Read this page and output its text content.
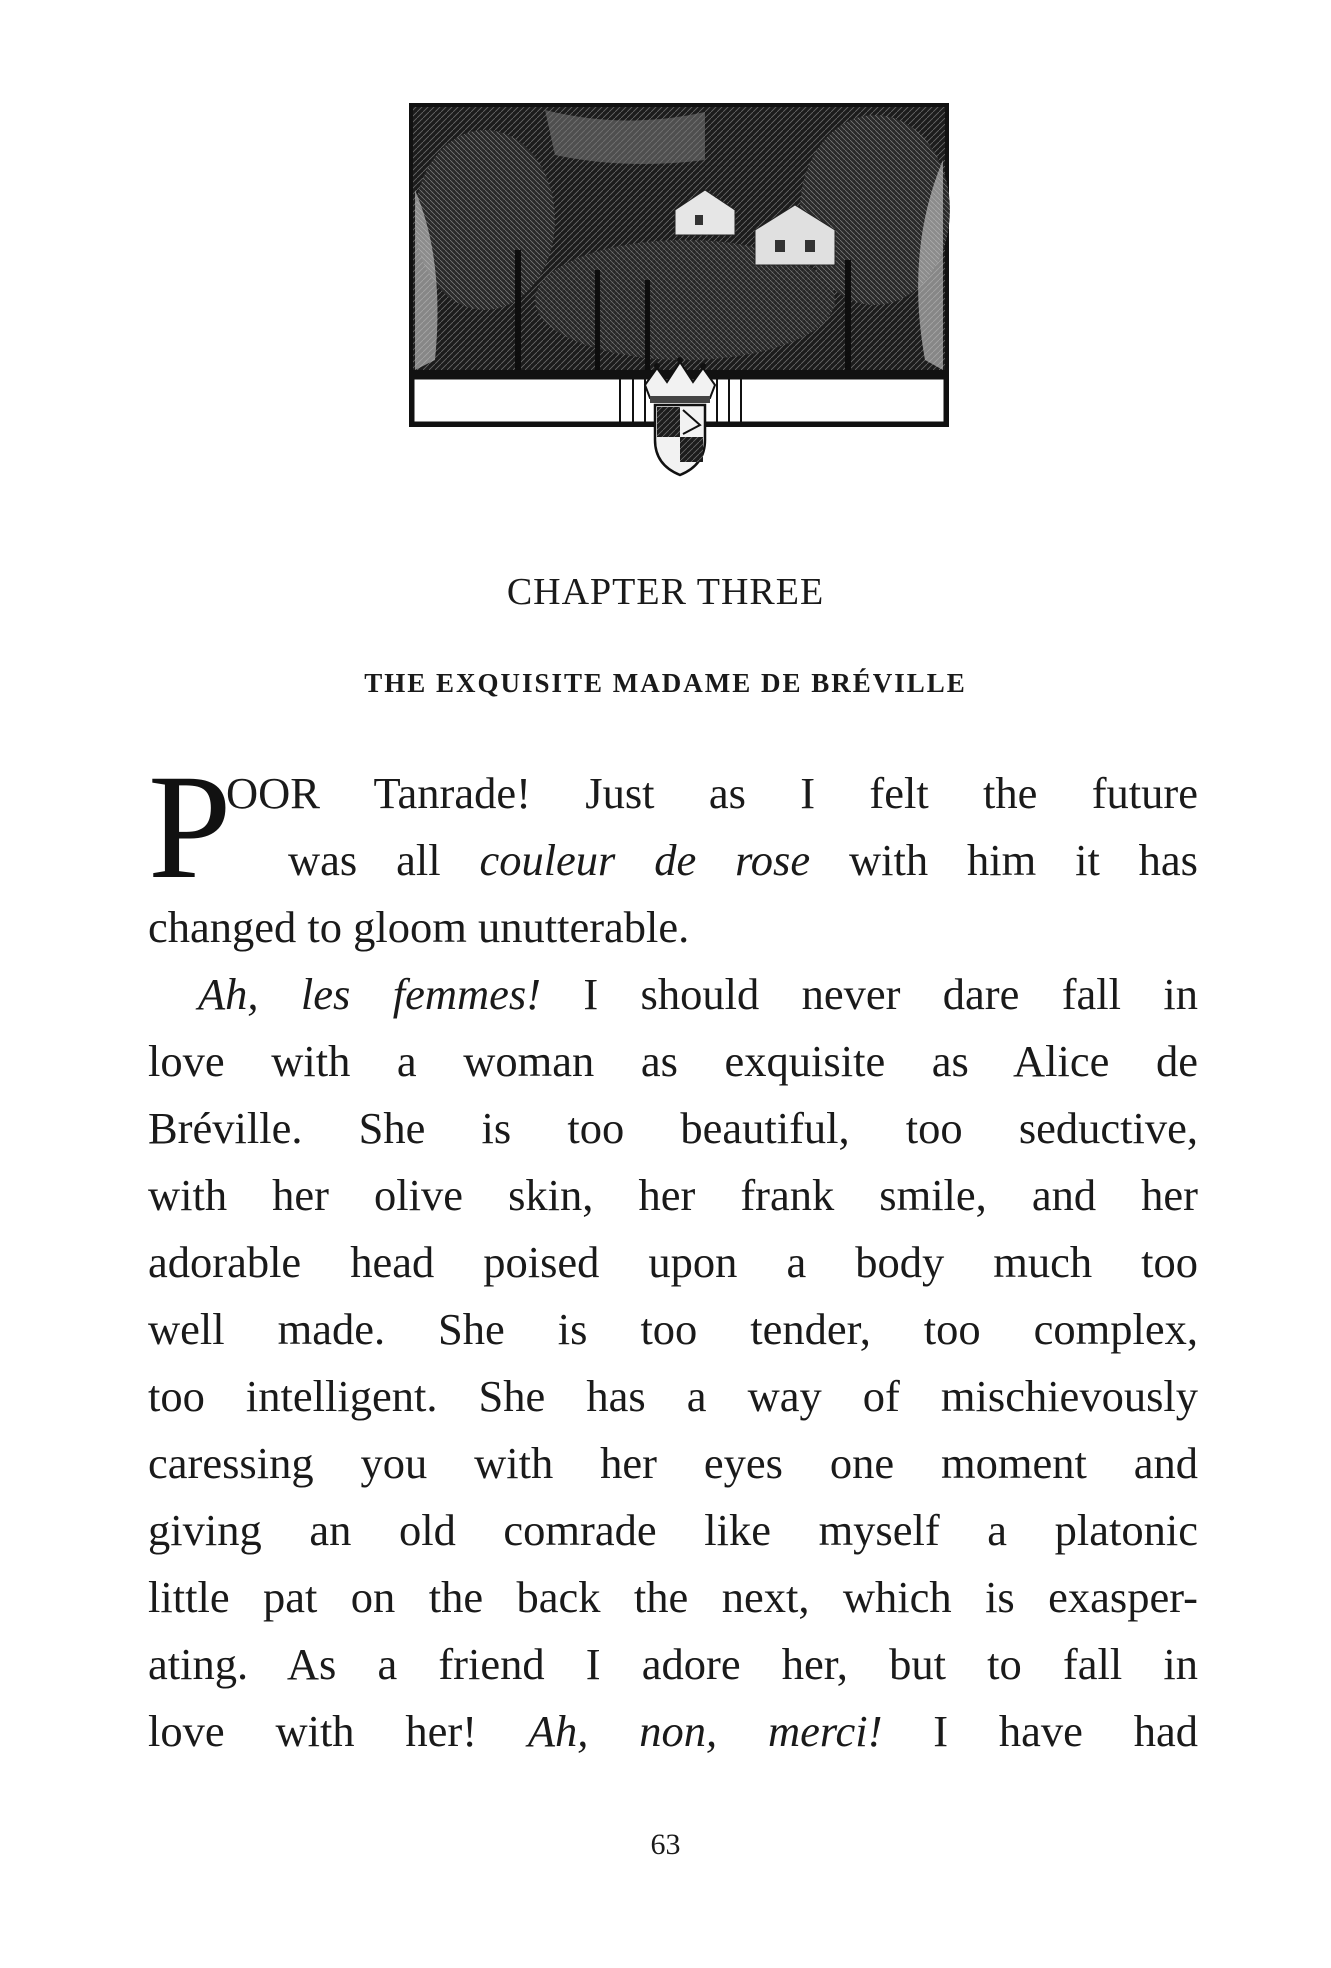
CHAPTER THREE
THE EXQUISITE MADAME DE BRÉVILLE
P
OOR Tanrade! Just as I felt the future
was all couleur de rose with him it has
changed to gloom unutterable.
Ah, les femmes! I should never dare fall in
love with a woman as exquisite as Alice de
Bréville. She is too beautiful, too seductive,
with her olive skin, her frank smile, and her
adorable head poised upon a body much too
well made. She is too tender, too complex,
too intelligent. She has a way of mischievously
caressing you with her eyes one moment and
giving an old comrade like myself a platonic
little pat on the back the next, which is exasper-
ating. As a friend I adore her, but to fall in
love with her! Ah, non, merci! I have had
63
